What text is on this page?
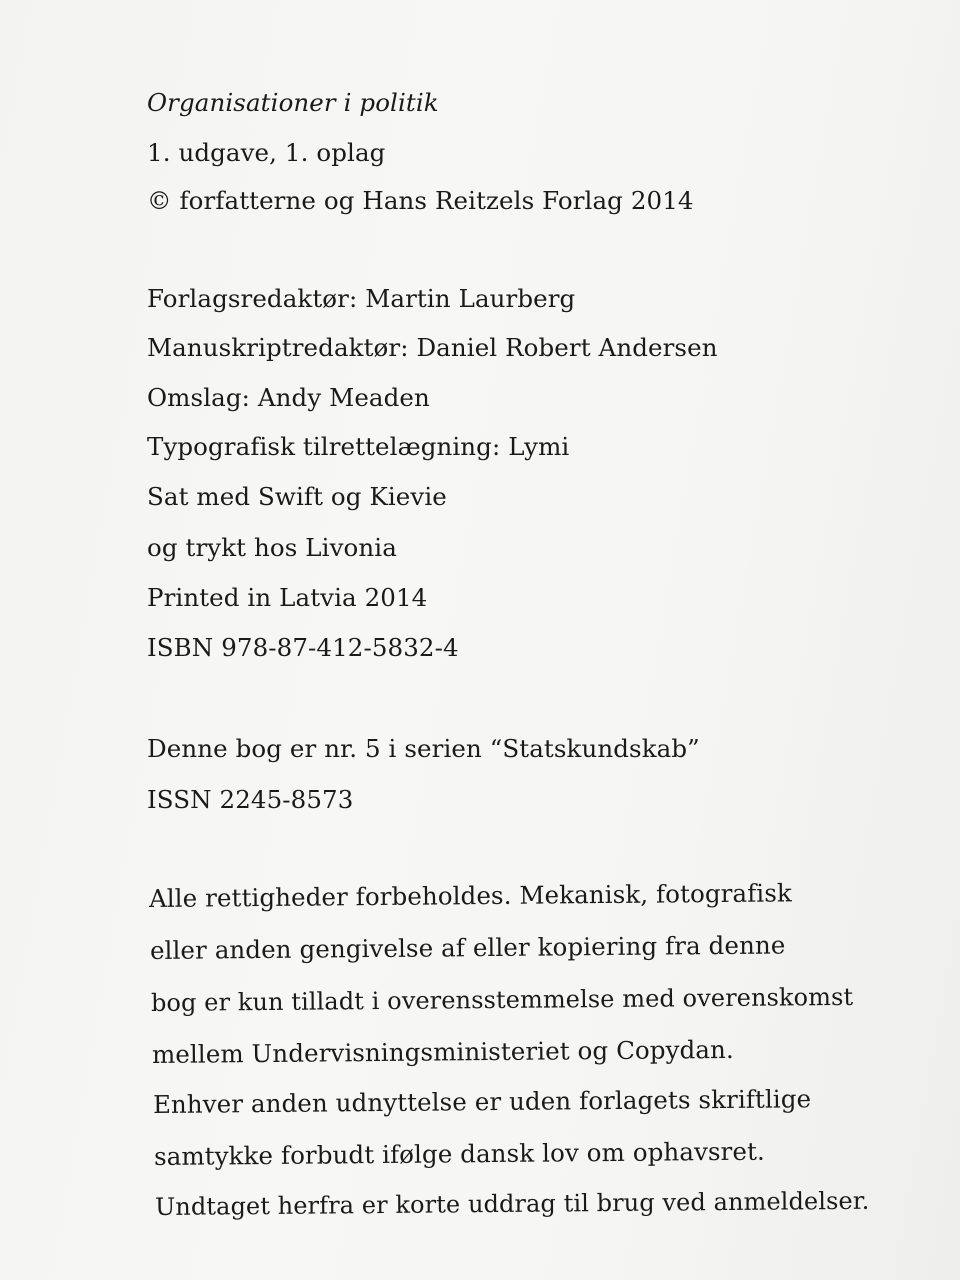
Organisationer i politik
1. udgave, 1. oplag
© forfatterne og Hans Reitzels Forlag 2014
Forlagsredaktør: Martin Laurberg
Manuskriptredaktør: Daniel Robert Andersen
Omslag: Andy Meaden
Typografisk tilrettelægning: Lymi
Sat med Swift og Kievie
og trykt hos Livonia
Printed in Latvia 2014
ISBN 978-87-412-5832-4
Denne bog er nr. 5 i serien “Statskundskab”
ISSN 2245-8573
Alle rettigheder forbeholdes. Mekanisk, fotografisk
eller anden gengivelse af eller kopiering fra denne
bog er kun tilladt i overensstemmelse med overenskomst
mellem Undervisningsministeriet og Copydan.
Enhver anden udnyttelse er uden forlagets skriftlige
samtykke forbudt ifølge dansk lov om ophavsret.
Undtaget herfra er korte uddrag til brug ved anmeldelser.
